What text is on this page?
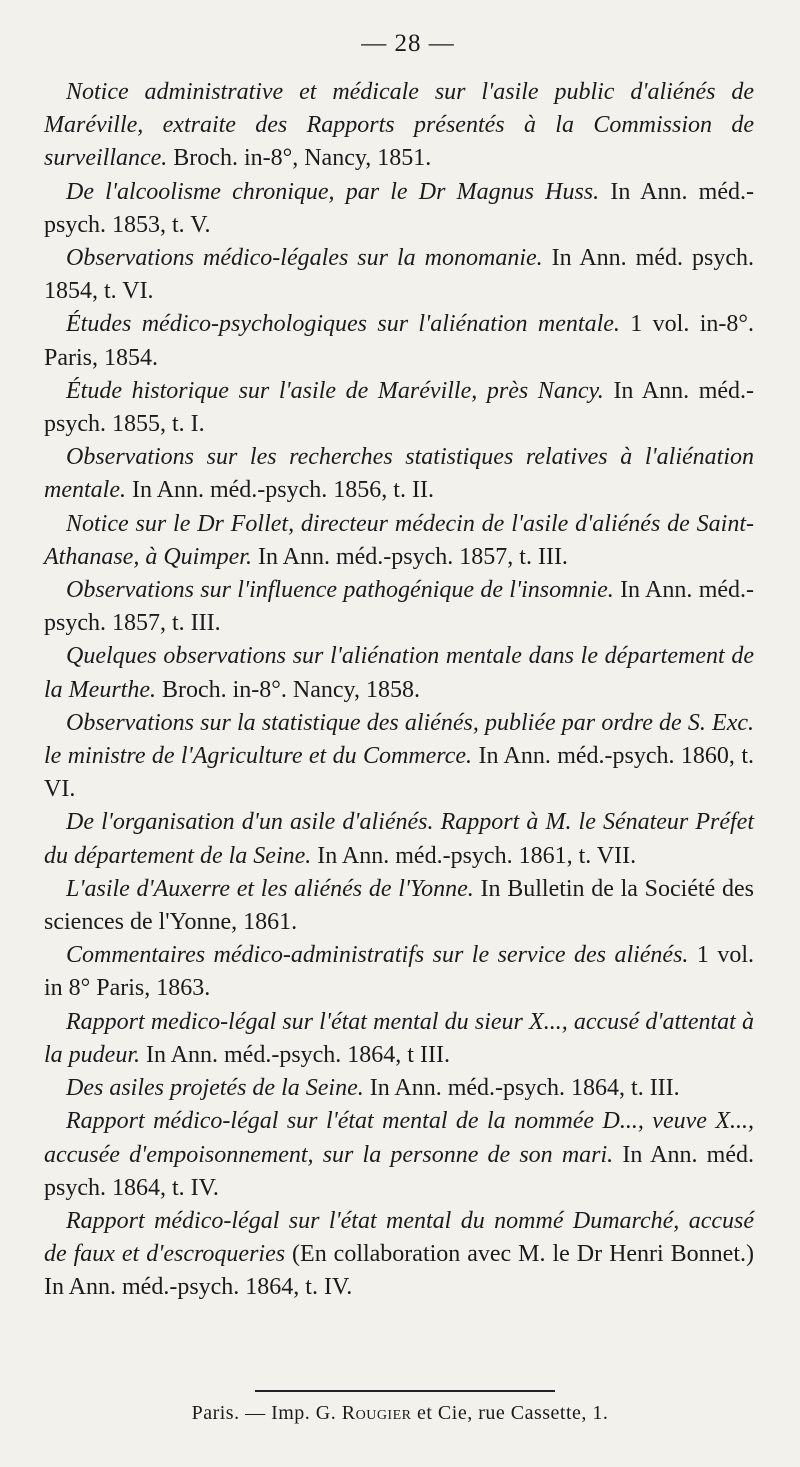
— 28 —

Notice administrative et médicale sur l'asile public d'aliénés de Maréville, extraite des Rapports présentés à la Commission de surveillance. Broch. in-8°, Nancy, 1851.

De l'alcoolisme chronique, par le Dr Magnus Huss. In Ann. méd.-psych. 1853, t. V.

Observations médico-légales sur la monomanie. In Ann. méd. psych. 1854, t. VI.

Études médico-psychologiques sur l'aliénation mentale. 1 vol. in-8°. Paris, 1854.

Étude historique sur l'asile de Maréville, près Nancy. In Ann. méd.-psych. 1855, t. I.

Observations sur les recherches statistiques relatives à l'aliénation mentale. In Ann. méd.-psych. 1856, t. II.

Notice sur le Dr Follet, directeur médecin de l'asile d'aliénés de Saint-Athanase, à Quimper. In Ann. méd.-psych. 1857, t. III.

Observations sur l'influence pathogénique de l'insomnie. In Ann. méd.-psych. 1857, t. III.

Quelques observations sur l'aliénation mentale dans le département de la Meurthe. Broch. in-8°. Nancy, 1858.

Observations sur la statistique des aliénés, publiée par ordre de S. Exc. le ministre de l'Agriculture et du Commerce. In Ann. méd.-psych. 1860, t. VI.

De l'organisation d'un asile d'aliénés. Rapport à M. le Sénateur Préfet du département de la Seine. In Ann. méd.-psych. 1861, t. VII.

L'asile d'Auxerre et les aliénés de l'Yonne. In Bulletin de la Société des sciences de l'Yonne, 1861.

Commentaires médico-administratifs sur le service des aliénés. 1 vol. in 8° Paris, 1863.

Rapport medico-légal sur l'état mental du sieur X..., accusé d'attentat à la pudeur. In Ann. méd.-psych. 1864, t III.

Des asiles projetés de la Seine. In Ann. méd.-psych. 1864, t. III.

Rapport médico-légal sur l'état mental de la nommée D..., veuve X..., accusée d'empoisonnement, sur la personne de son mari. In Ann. méd. psych. 1864, t. IV.

Rapport médico-légal sur l'état mental du nommé Dumarché, accusé de faux et d'escroqueries (En collaboration avec M. le Dr Henri Bonnet.) In Ann. méd.-psych. 1864, t. IV.

Paris. — Imp. G. Rougier et Cie, rue Cassette, 1.
